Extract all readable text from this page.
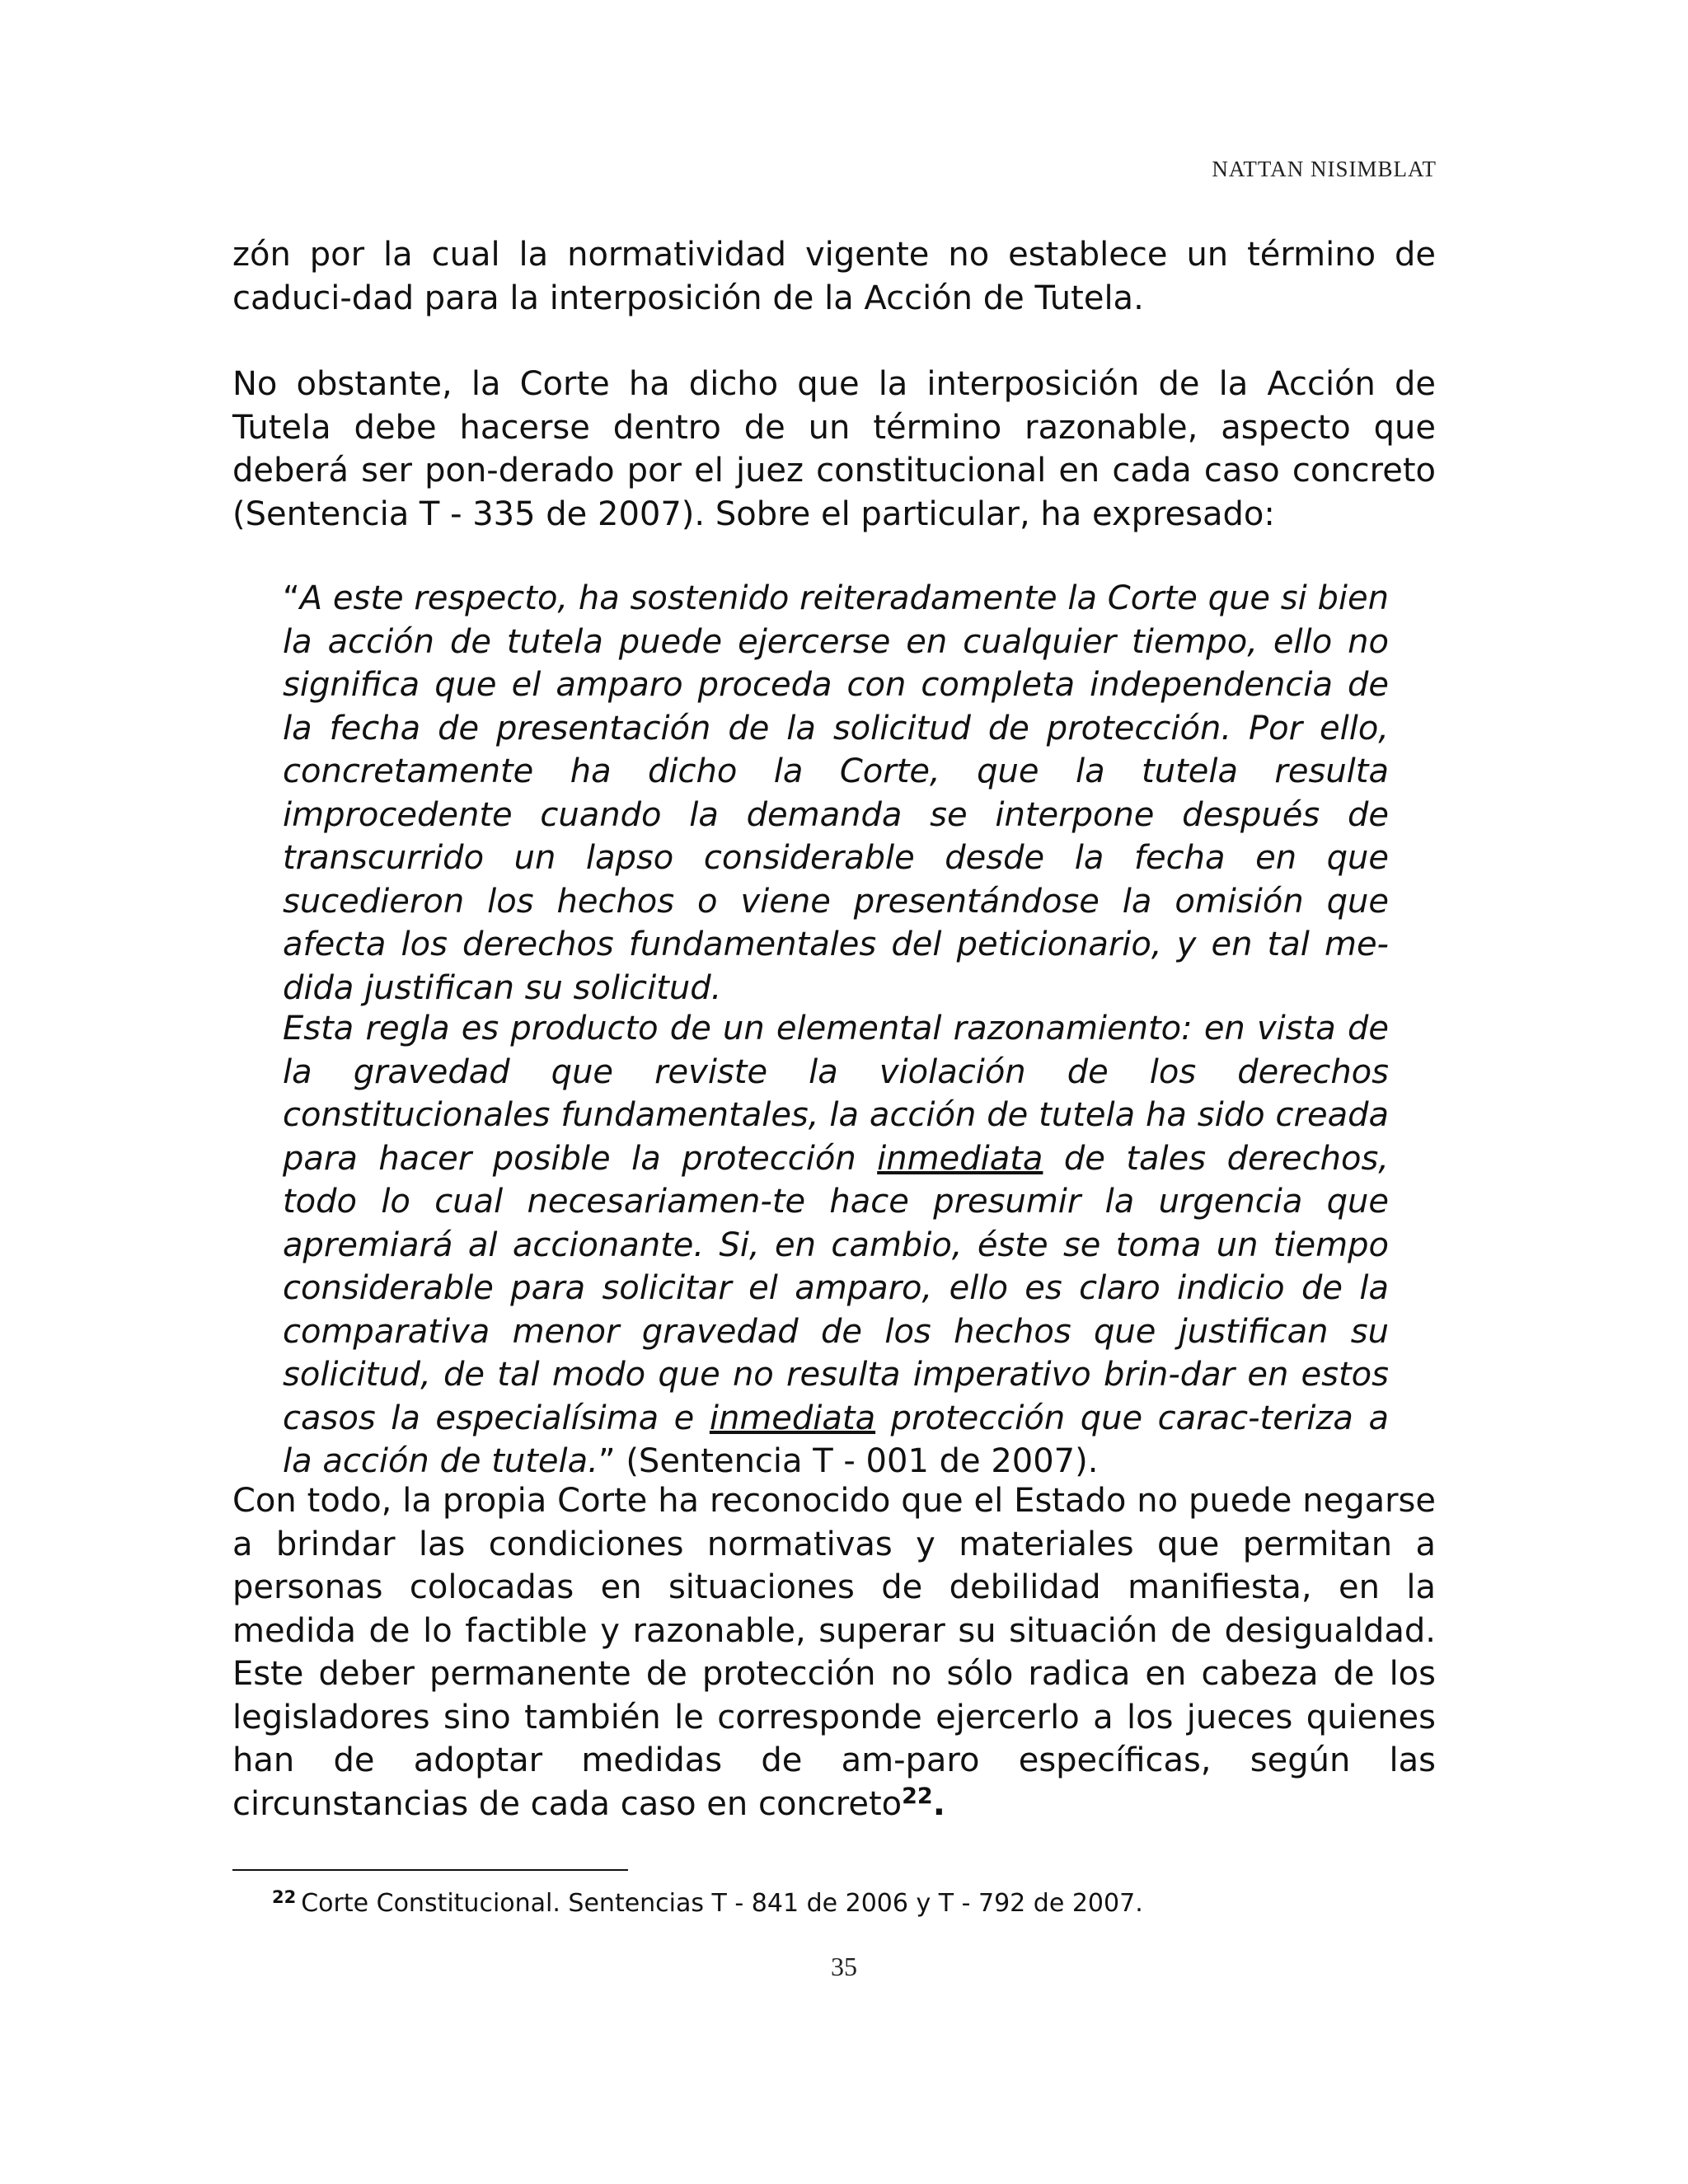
NATTAN NISIMBLAT

zón por la cual la normatividad vigente no establece un término de caduci-dad para la interposición de la Acción de Tutela.

No obstante, la Corte ha dicho que la interposición de la Acción de Tutela debe hacerse dentro de un término razonable, aspecto que deberá ser pon-derado por el juez constitucional en cada caso concreto (Sentencia T - 335 de 2007). Sobre el particular, ha expresado:

“A este respecto, ha sostenido reiteradamente la Corte que si bien la acción de tutela puede ejercerse en cualquier tiempo, ello no significa que el amparo proceda con completa independencia de la fecha de presentación de la solicitud de protección. Por ello, concretamente ha dicho la Corte, que la tutela resulta improcedente cuando la demanda se interpone después de transcurrido un lapso considerable desde la fecha en que sucedieron los hechos o viene presentándose la omisión que afecta los derechos fundamentales del peticionario, y en tal me-dida justifican su solicitud.

Esta regla es producto de un elemental razonamiento: en vista de la gravedad que reviste la violación de los derechos constitucionales fundamentales, la acción de tutela ha sido creada para hacer posible la protección inmediata de tales derechos, todo lo cual necesariamen-te hace presumir la urgencia que apremiará al accionante. Si, en cambio, éste se toma un tiempo considerable para solicitar el amparo, ello es claro indicio de la comparativa menor gravedad de los hechos que justifican su solicitud, de tal modo que no resulta imperativo brin-dar en estos casos la especialísima e inmediata protección que carac-teriza a la acción de tutela.” (Sentencia T - 001 de 2007).

Con todo, la propia Corte ha reconocido que el Estado no puede negarse a brindar las condiciones normativas y materiales que permitan a personas colocadas en situaciones de debilidad manifiesta, en la medida de lo factible y razonable, superar su situación de desigualdad. Este deber permanente de protección no sólo radica en cabeza de los legisladores sino también le corresponde ejercerlo a los jueces quienes han de adoptar medidas de am-paro específicas, según las circunstancias de cada caso en concreto$^{22}$.

$^{22}$ Corte Constitucional. Sentencias T - 841 de 2006 y T - 792 de 2007.
35
